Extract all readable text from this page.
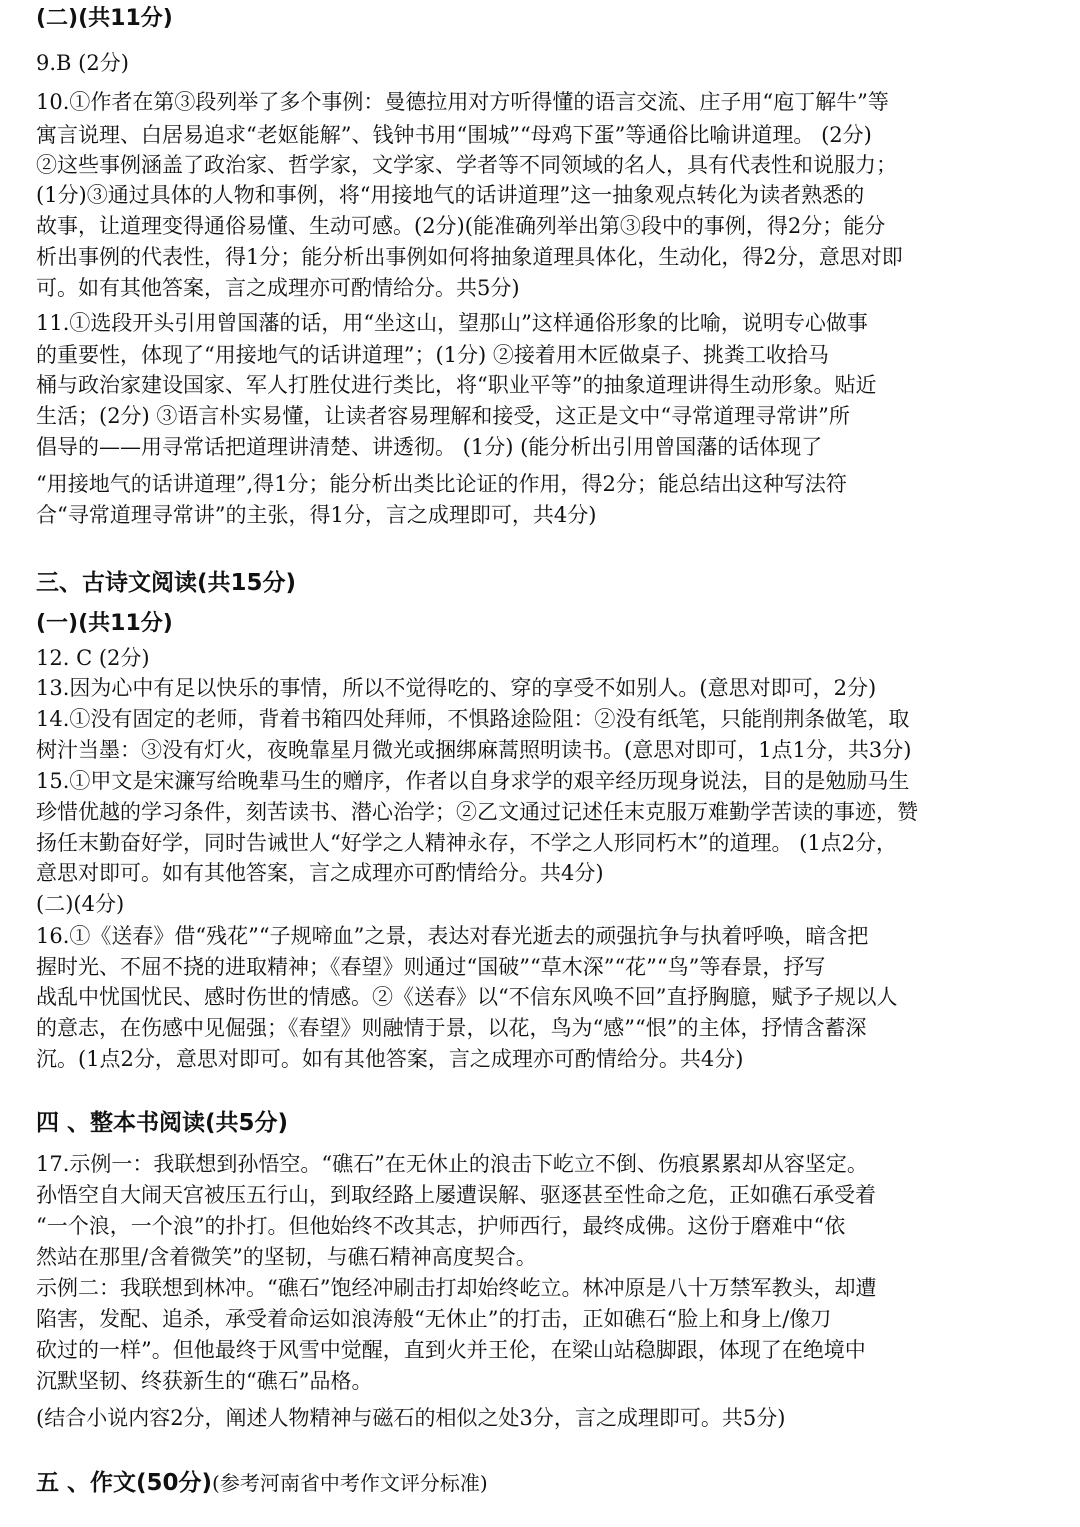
(二)(共11分)
9.B (2分)
10.①作者在第③段列举了多个事例：曼德拉用对方听得懂的语言交流、庄子用“庖丁解牛”等
寓言说理、白居易追求“老妪能解”、钱钟书用“围城”“母鸡下蛋”等通俗比喻讲道理。 (2分)
②这些事例涵盖了政治家、哲学家，文学家、学者等不同领域的名人，具有代表性和说服力；
(1分)③通过具体的人物和事例，将“用接地气的话讲道理”这一抽象观点转化为读者熟悉的
故事，让道理变得通俗易懂、生动可感。(2分)(能准确列举出第③段中的事例，得2分；能分
析出事例的代表性，得1分；能分析出事例如何将抽象道理具体化，生动化，得2分，意思对即
可。如有其他答案，言之成理亦可酌情给分。共5分)
11.①选段开头引用曾国藩的话，用“坐这山，望那山”这样通俗形象的比喻，说明专心做事
的重要性，体现了“用接地气的话讲道理”；(1分) ②接着用木匠做桌子、挑粪工收拾马
桶与政治家建设国家、军人打胜仗进行类比，将“职业平等”的抽象道理讲得生动形象。贴近
生活；(2分) ③语言朴实易懂，让读者容易理解和接受，这正是文中“寻常道理寻常讲”所
倡导的——用寻常话把道理讲清楚、讲透彻。 (1分) (能分析出引用曾国藩的话体现了
“用接地气的话讲道理”,得1分；能分析出类比论证的作用，得2分；能总结出这种写法符
合“寻常道理寻常讲”的主张，得1分，言之成理即可，共4分)
三、古诗文阅读(共15分)
(一)(共11分)
12. C (2分)
13.因为心中有足以快乐的事情，所以不觉得吃的、穿的享受不如别人。(意思对即可，2分)
14.①没有固定的老师，背着书箱四处拜师，不惧路途险阻：②没有纸笔，只能削荆条做笔，取
树汁当墨：③没有灯火，夜晚靠星月微光或捆绑麻蒿照明读书。(意思对即可，1点1分，共3分)
15.①甲文是宋濂写给晚辈马生的赠序，作者以自身求学的艰辛经历现身说法，目的是勉励马生
珍惜优越的学习条件，刻苦读书、潜心治学；②乙文通过记述任末克服万难勤学苦读的事迹，赞
扬任末勤奋好学，同时告诫世人“好学之人精神永存，不学之人形同朽木”的道理。 (1点2分，
意思对即可。如有其他答案，言之成理亦可酌情给分。共4分)
(二)(4分)
16.①《送春》借“残花”“子规啼血”之景，表达对春光逝去的顽强抗争与执着呼唤，暗含把
握时光、不屈不挠的进取精神；《春望》则通过“国破”“草木深”“花”“鸟”等春景，抒写
战乱中忧国忧民、感时伤世的情感。②《送春》以“不信东风唤不回”直抒胸臆，赋予子规以人
的意志，在伤感中见倔强；《春望》则融情于景，以花，鸟为“感”“恨”的主体，抒情含蓄深
沉。(1点2分，意思对即可。如有其他答案，言之成理亦可酌情给分。共4分)
四 、整本书阅读(共5分)
17.示例一：我联想到孙悟空。“礁石”在无休止的浪击下屹立不倒、伤痕累累却从容坚定。
孙悟空自大闹天宫被压五行山，到取经路上屡遭误解、驱逐甚至性命之危，正如礁石承受着
“一个浪，一个浪”的扑打。但他始终不改其志，护师西行，最终成佛。这份于磨难中“依
然站在那里/含着微笑”的坚韧，与礁石精神高度契合。
示例二：我联想到林冲。“礁石”饱经冲刷击打却始终屹立。林冲原是八十万禁军教头，却遭
陷害，发配、追杀，承受着命运如浪涛般“无休止”的打击，正如礁石“脸上和身上/像刀
砍过的一样”。但他最终于风雪中觉醒，直到火并王伦，在梁山站稳脚跟，体现了在绝境中
沉默坚韧、终获新生的“礁石”品格。
(结合小说内容2分，阐述人物精神与磁石的相似之处3分，言之成理即可。共5分)
五 、作文(50分)(参考河南省中考作文评分标准)
